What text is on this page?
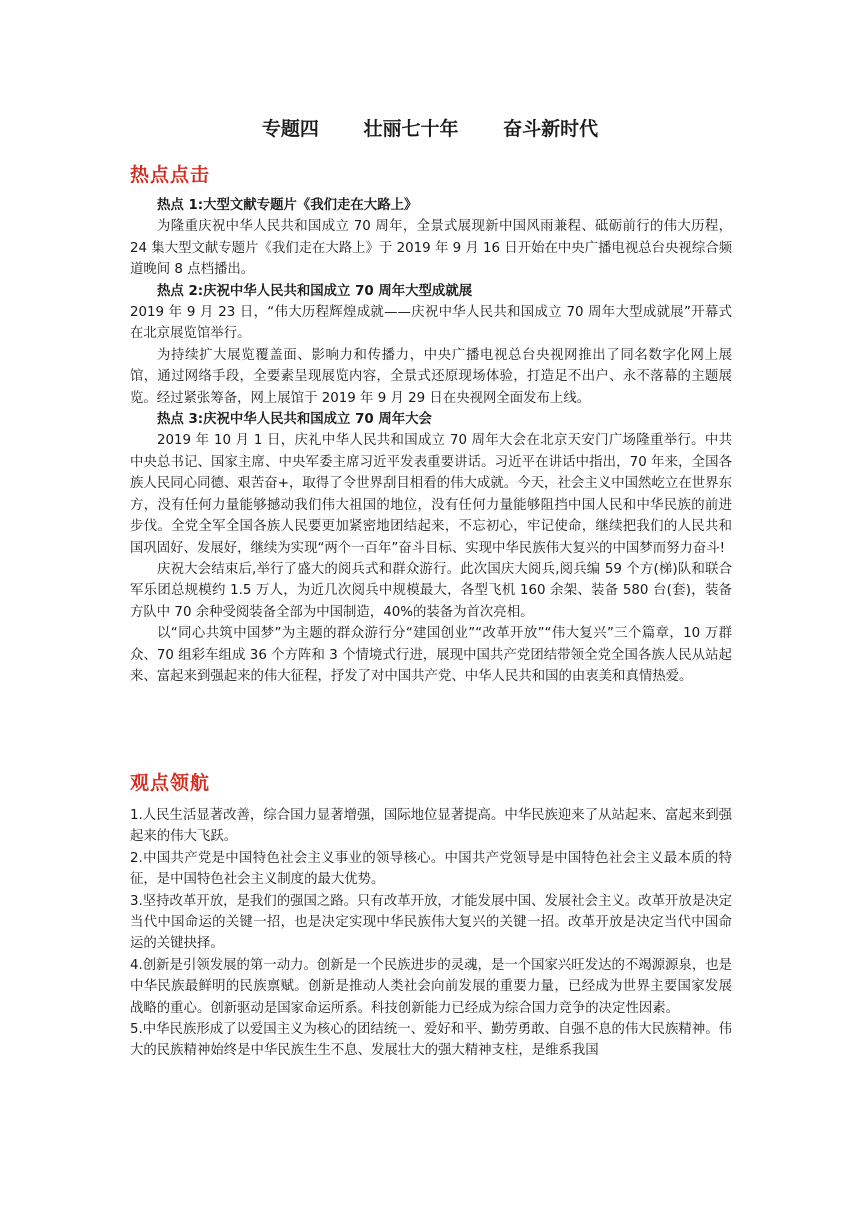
专题四 壮丽七十年 奋斗新时代
热点点击

热点 1:大型文献专题片《我们走在大路上》

为隆重庆祝中华人民共和国成立 70 周年，全景式展现新中国风雨兼程、砥砺前行的伟大历程，24 集大型文献专题片《我们走在大路上》于 2019 年 9 月 16 日开始在中央广播电视总台央视综合频道晚间 8 点档播出。

热点 2:庆祝中华人民共和国成立 70 周年大型成就展

2019 年 9 月 23 日，“伟大历程辉煌成就——庆祝中华人民共和国成立 70 周年大型成就展”开幕式在北京展览馆举行。

为持续扩大展览覆盖面、影响力和传播力，中央广播电视总台央视网推出了同名数字化网上展馆，通过网络手段，全要素呈现展览内容，全景式还原现场体验，打造足不出户、永不落幕的主题展览。经过紧张筹备，网上展馆于 2019 年 9 月 29 日在央视网全面发布上线。

热点 3:庆祝中华人民共和国成立 70 周年大会

2019 年 10 月 1 日，庆礼中华人民共和国成立 70 周年大会在北京天安门广场隆重举行。中共中央总书记、国家主席、中央军委主席习近平发表重要讲话。习近平在讲话中指出，70 年来，全国各族人民同心同德、艰苦奋+，取得了令世界刮目相看的伟大成就。今天，社会主义中国然屹立在世界东方，没有任何力量能够撼动我们伟大祖国的地位，没有任何力量能够阻挡中国人民和中华民族的前进步伐。全党全军全国各族人民要更加紧密地团结起来，不忘初心，牢记使命，继续把我们的人民共和国巩固好、发展好，继续为实现“两个一百年”奋斗目标、实现中华民族伟大复兴的中国梦而努力奋斗!

庆祝大会结束后,举行了盛大的阅兵式和群众游行。此次国庆大阅兵,阅兵编 59 个方(梯)队和联合军乐团总规模约 1.5 万人，为近几次阅兵中规模最大，各型飞机 160 余架、装备 580 台(套)，装备方队中 70 余种受阅装备全部为中国制造，40%的装备为首次亮相。

以“同心共筑中国梦”为主题的群众游行分“建国创业”“改革开放”“伟大复兴”三个篇章，10 万群众、70 组彩车组成 36 个方阵和 3 个情境式行进，展现中国共产党团结带领全党全国各族人民从站起来、富起来到强起来的伟大征程，抒发了对中国共产党、中华人民共和国的由衷美和真情热爱。

观点领航

1.人民生活显著改善，综合国力显著增强，国际地位显著提高。中华民族迎来了从站起来、富起来到强起来的伟大飞跃。

2.中国共产党是中国特色社会主义事业的领导核心。中国共产党领导是中国特色社会主义最本质的特征，是中国特色社会主义制度的最大优势。

3.坚持改革开放，是我们的强国之路。只有改革开放，才能发展中国、发展社会主义。改革开放是决定当代中国命运的关键一招，也是决定实现中华民族伟大复兴的关键一招。改革开放是决定当代中国命运的关键抉择。

4.创新是引领发展的第一动力。创新是一个民族进步的灵魂，是一个国家兴旺发达的不竭源源泉，也是中华民族最鲜明的民族禀赋。创新是推动人类社会向前发展的重要力量，已经成为世界主要国家发展战略的重心。创新驱动是国家命运所系。科技创新能力已经成为综合国力竞争的决定性因素。

5.中华民族形成了以爱国主义为核心的团结统一、爱好和平、勤劳勇敢、自强不息的伟大民族精神。伟大的民族精神始终是中华民族生生不息、发展壮大的强大精神支柱，是维系我国
